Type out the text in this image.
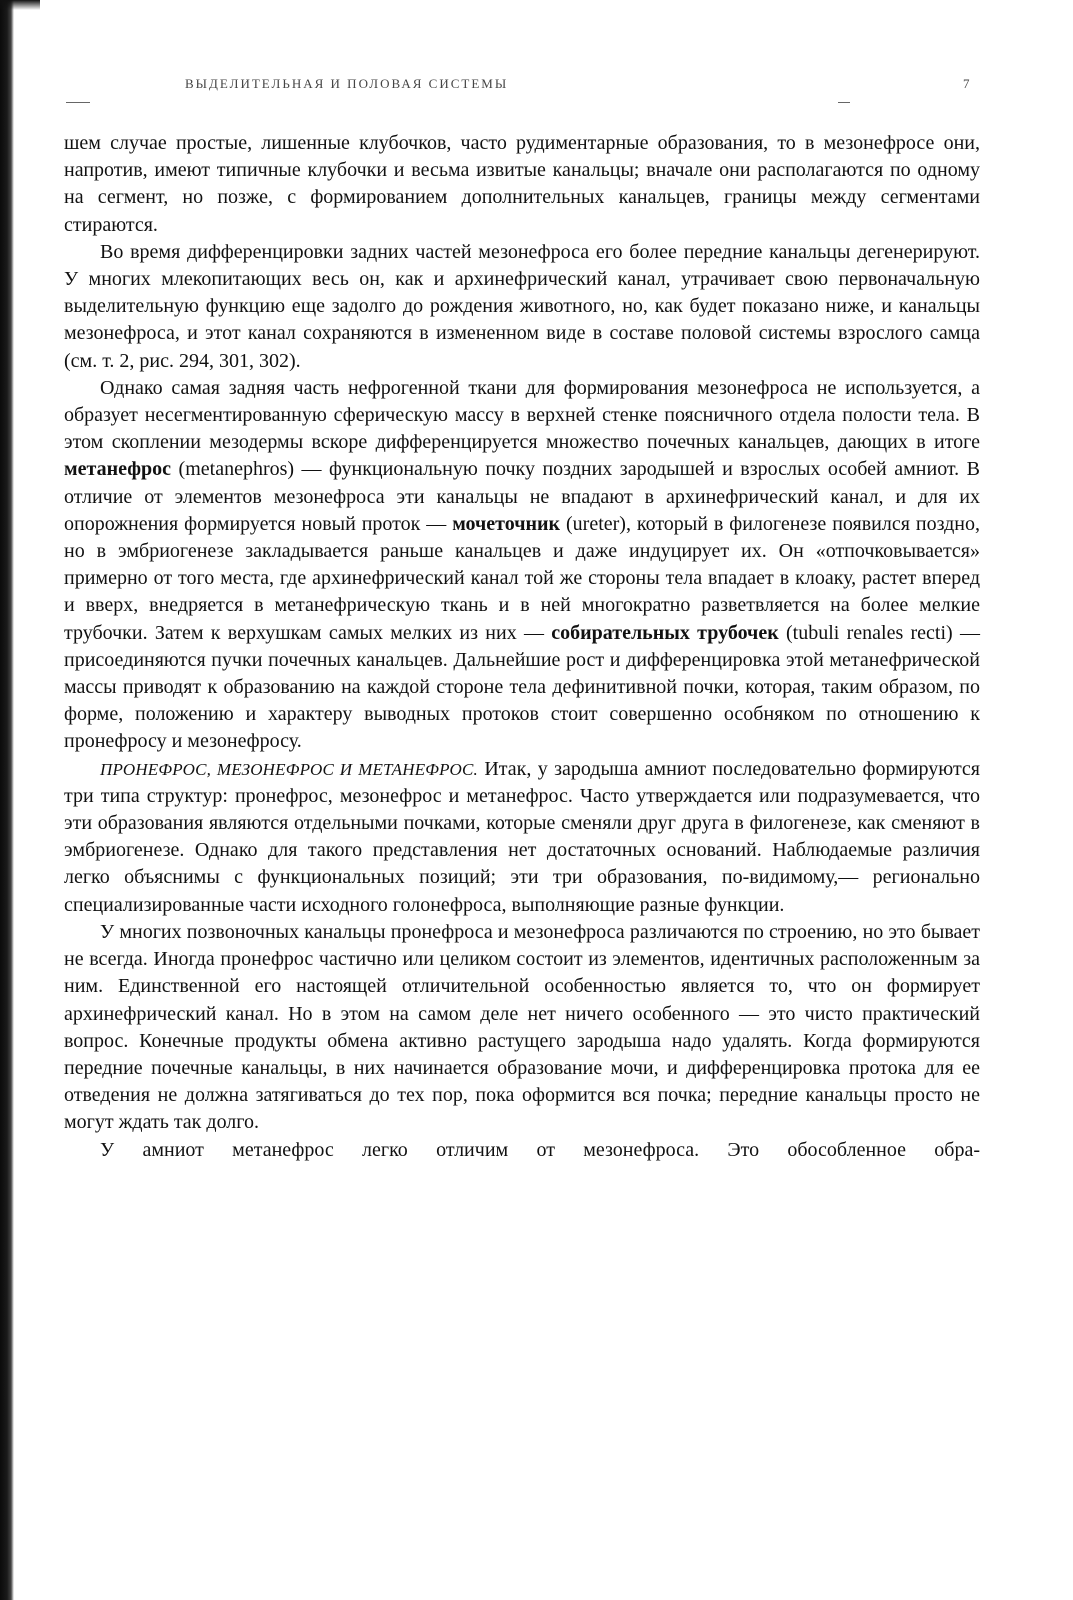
ВЫДЕЛИТЕЛЬНАЯ И ПОЛОВАЯ СИСТЕМЫ	7

шем случае простые, лишенные клубочков, часто рудиментарные образования, то в мезонефросе они, напротив, имеют типичные клубочки и весьма извитые канальцы; вначале они располагаются по одному на сегмент, но позже, с формированием дополнительных канальцев, границы между сегментами стираются.

Во время дифференцировки задних частей мезонефроса его более передние канальцы дегенерируют. У многих млекопитающих весь он, как и архинефрический канал, утрачивает свою первоначальную выделительную функцию еще задолго до рождения животного, но, как будет показано ниже, и канальцы мезонефроса, и этот канал сохраняются в измененном виде в составе половой системы взрослого самца (см. т. 2, рис. 294, 301, 302).

Однако самая задняя часть нефрогенной ткани для формирования мезонефроса не используется, а образует несегментированную сферическую массу в верхней стенке поясничного отдела полости тела. В этом скоплении мезодермы вскоре дифференцируется множество почечных канальцев, дающих в итоге метанефрос (metanephros) — функциональную почку поздних зародышей и взрослых особей амниот. В отличие от элементов мезонефроса эти канальцы не впадают в архинефрический канал, и для их опорожнения формируется новый проток — мочеточник (ureter), который в филогенезе появился поздно, но в эмбриогенезе закладывается раньше канальцев и даже индуцирует их. Он «отпочковывается» примерно от того места, где архинефрический канал той же стороны тела впадает в клоаку, растет вперед и вверх, внедряется в метанефрическую ткань и в ней многократно разветвляется на более мелкие трубочки. Затем к верхушкам самых мелких из них — собирательных трубочек (tubuli renales recti) — присоединяются пучки почечных канальцев. Дальнейшие рост и дифференцировка этой метанефрической массы приводят к образованию на каждой стороне тела дефинитивной почки, которая, таким образом, по форме, положению и характеру выводных протоков стоит совершенно особняком по отношению к пронефросу и мезонефросу.

ПРОНЕФРОС, МЕЗОНЕФРОС И МЕТАНЕФРОС. Итак, у зародыша амниот последовательно формируются три типа структур: пронефрос, мезонефрос и метанефрос. Часто утверждается или подразумевается, что эти образования являются отдельными почками, которые сменяли друг друга в филогенезе, как сменяют в эмбриогенезе. Однако для такого представления нет достаточных оснований. Наблюдаемые различия легко объяснимы с функциональных позиций; эти три образования, по-видимому,— регионально специализированные части исходного голонефроса, выполняющие разные функции.

У многих позвоночных канальцы пронефроса и мезонефроса различаются по строению, но это бывает не всегда. Иногда пронефрос частично или целиком состоит из элементов, идентичных расположенным за ним. Единственной его настоящей отличительной особенностью является то, что он формирует архинефрический канал. Но в этом на самом деле нет ничего особенного — это чисто практический вопрос. Конечные продукты обмена активно растущего зародыша надо удалять. Когда формируются передние почечные канальцы, в них начинается образование мочи, и дифференцировка протока для ее отведения не должна затягиваться до тех пор, пока оформится вся почка; передние канальцы просто не могут ждать так долго.

У амниот метанефрос легко отличим от мезонефроса. Это обособленное обра-
